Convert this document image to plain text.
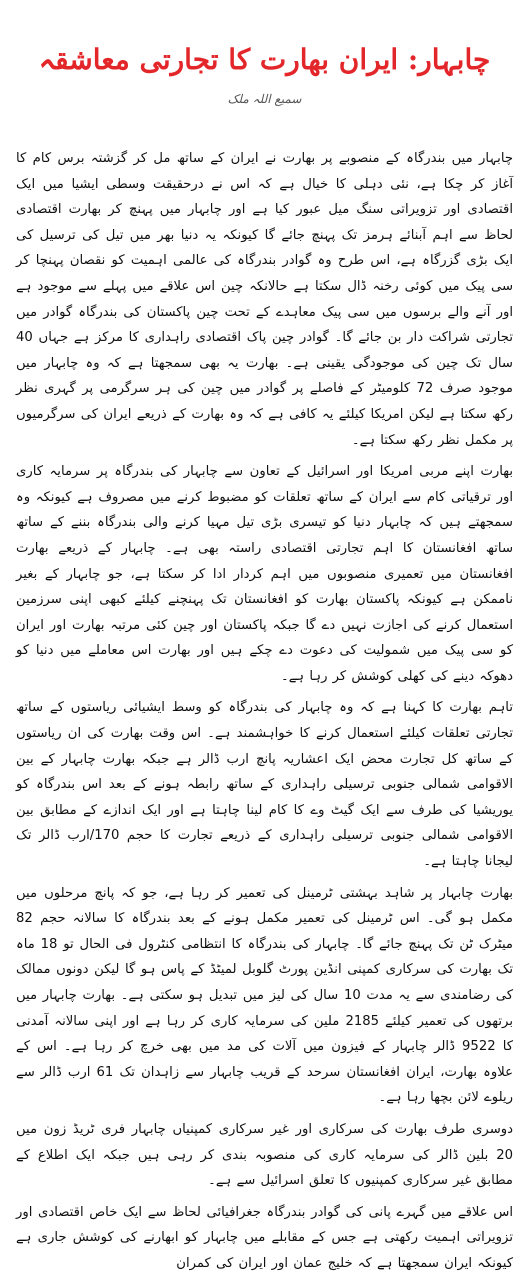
چابہار: ایران بھارت کا تجارتی معاشقہ
سمیع اللہ ملک

چابہار میں بندرگاہ کے منصوبے پر بھارت نے ایران کے ساتھ مل کر گزشتہ برس کام کا آغاز کر چکا ہے، نئی دہلی کا خیال ہے کہ اس نے درحقیقت وسطی ایشیا میں ایک اقتصادی اور تزویراتی سنگ میل عبور کیا ہے اور چابہار میں پہنچ کر بھارت اقتصادی لحاظ سے اہم آبنائے ہرمز تک پہنچ جائے گا کیونکہ یہ دنیا بھر میں تیل کی ترسیل کی ایک بڑی گزرگاہ ہے، اس طرح وہ گوادر بندرگاہ کی عالمی اہمیت کو نقصان پہنچا کر سی پیک میں کوئی رخنہ ڈال سکتا ہے حالانکہ چین اس علاقے میں پہلے سے موجود ہے اور آنے والے برسوں میں سی پیک معاہدے کے تحت چین پاکستان کی بندرگاہ گوادر میں تجارتی شراکت دار بن جائے گا۔ گوادر چین پاک اقتصادی راہداری کا مرکز ہے جہاں 40 سال تک چین کی موجودگی یقینی ہے۔ بھارت یہ بھی سمجھتا ہے کہ وہ چابہار میں موجود صرف 72 کلومیٹر کے فاصلے پر گوادر میں چین کی ہر سرگرمی پر گہری نظر رکھ سکتا ہے لیکن امریکا کیلئے یہ کافی ہے کہ وہ بھارت کے ذریعے ایران کی سرگرمیوں پر مکمل نظر رکھ سکتا ہے۔

بھارت اپنے مربی امریکا اور اسرائیل کے تعاون سے چابہار کی بندرگاہ پر سرمایہ کاری اور ترقیاتی کام سے ایران کے ساتھ تعلقات کو مضبوط کرنے میں مصروف ہے کیونکہ وہ سمجھتے ہیں کہ چابہار دنیا کو تیسری بڑی تیل مہیا کرنے والی بندرگاہ بننے کے ساتھ ساتھ افغانستان کا اہم تجارتی اقتصادی راستہ بھی ہے۔ چابہار کے ذریعے بھارت افغانستان میں تعمیری منصوبوں میں اہم کردار ادا کر سکتا ہے، جو چابہار کے بغیر ناممکن ہے کیونکہ پاکستان بھارت کو افغانستان تک پہنچنے کیلئے کبھی اپنی سرزمین استعمال کرنے کی اجازت نہیں دے گا جبکہ پاکستان اور چین کئی مرتبہ بھارت اور ایران کو سی پیک میں شمولیت کی دعوت دے چکے ہیں اور بھارت اس معاملے میں دنیا کو دھوکہ دینے کی کھلی کوشش کر رہا ہے۔

تاہم بھارت کا کہنا ہے کہ وہ چابہار کی بندرگاہ کو وسط ایشیائی ریاستوں کے ساتھ تجارتی تعلقات کیلئے استعمال کرنے کا خواہشمند ہے۔ اس وقت بھارت کی ان ریاستوں کے ساتھ کل تجارت محض ایک اعشاریہ پانچ ارب ڈالر ہے جبکہ بھارت چابہار کے بین الاقوامی شمالی جنوبی ترسیلی راہداری کے ساتھ رابطہ ہونے کے بعد اس بندرگاہ کو یوریشیا کی طرف سے ایک گیٹ وے کا کام لینا چاہتا ہے اور ایک اندازے کے مطابق بین الاقوامی شمالی جنوبی ترسیلی راہداری کے ذریعے تجارت کا حجم 170/ارب ڈالر تک لیجانا چاہتا ہے۔

بھارت چابہار پر شاہد بہشتی ٹرمینل کی تعمیر کر رہا ہے، جو کہ پانچ مرحلوں میں مکمل ہو گی۔ اس ٹرمینل کی تعمیر مکمل ہونے کے بعد بندرگاہ کا سالانہ حجم 82 میٹرک ٹن تک پہنچ جائے گا۔ چابہار کی بندرگاہ کا انتظامی کنٹرول فی الحال تو 18 ماہ تک بھارت کی سرکاری کمپنی انڈین پورٹ گلوبل لمیٹڈ کے پاس ہو گا لیکن دونوں ممالک کی رضامندی سے یہ مدت 10 سال کی لیز میں تبدیل ہو سکتی ہے۔ بھارت چابہار میں برتھوں کی تعمیر کیلئے 2185 ملین کی سرمایہ کاری کر رہا ہے اور اپنی سالانہ آمدنی کا 9522 ڈالر چابہار کے فیزون میں آلات کی مد میں بھی خرچ کر رہا ہے۔ اس کے علاوہ بھارت، ایران افغانستان سرحد کے قریب چابہار سے زاہدان تک 61 ارب ڈالر سے ریلوے لائن بچھا رہا ہے۔

دوسری طرف بھارت کی سرکاری اور غیر سرکاری کمپنیاں چابہار فری ٹریڈ زون میں 20 بلین ڈالر کی سرمایہ کاری کی منصوبہ بندی کر رہی ہیں جبکہ ایک اطلاع کے مطابق غیر سرکاری کمپنیوں کا تعلق اسرائیل سے ہے۔

اس علاقے میں گہرے پانی کی گوادر بندرگاہ جغرافیائی لحاظ سے ایک خاص اقتصادی اور تزویراتی اہمیت رکھتی ہے جس کے مقابلے میں چابہار کو ابھارنے کی کوشش جاری ہے کیونکہ ایران سمجھتا ہے کہ خلیج عمان اور ایران کی کمران
